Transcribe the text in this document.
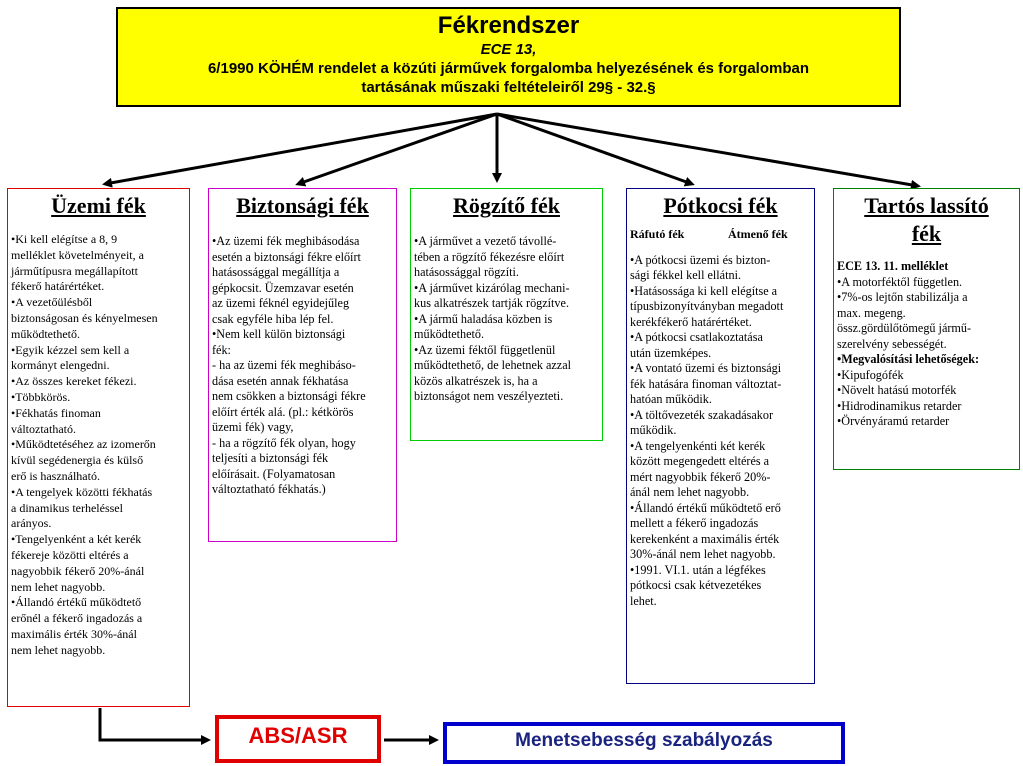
Fékrendszer
ECE 13,
6/1990 KÖHÉM rendelet a közúti járművek forgalomba helyezésének és forgalomban
tartásának műszaki feltételeiről 29§ - 32.§
Üzemi fék
•Ki kell elégítse a 8, 9
melléklet követelményeit, a
járműtípusra megállapított
fékerő határértéket.
•A vezetőülésből
biztonságosan és kényelmesen
működtethető.
•Egyik kézzel sem kell a
kormányt elengedni.
•Az összes kereket fékezi.
•Többkörös.
•Fékhatás finoman
változtatható.
•Működtetéséhez az izomerőn
kívül segédenergia és külső
erő is használható.
•A tengelyek közötti fékhatás
a dinamikus terheléssel
arányos.
•Tengelyenként a két kerék
fékereje közötti eltérés a
nagyobbik fékerő 20%-ánál
nem lehet nagyobb.
•Állandó értékű működtető
erőnél a fékerő ingadozás a
maximális érték 30%-ánál
nem lehet nagyobb.
Biztonsági fék
•Az üzemi fék meghibásodása
esetén a biztonsági fékre előírt
hatásossággal megállítja a
gépkocsit. Üzemzavar esetén
az üzemi féknél egyidejűleg
csak egyféle hiba lép fel.
•Nem kell külön biztonsági
fék:
- ha az üzemi fék meghibáso-
dása esetén annak fékhatása
nem csökken a biztonsági fékre
előírt érték alá. (pl.: kétkörös
üzemi fék) vagy,
- ha a rögzítő fék olyan, hogy
teljesíti a biztonsági fék
előírásait. (Folyamatosan
változtatható fékhatás.)
Rögzítő fék
•A járművet a vezető távollé-
tében a rögzítő fékezésre előírt
hatásossággal rögzíti.
•A járművet kizárólag mechani-
kus alkatrészek tartják rögzítve.
•A jármű haladása közben is
működtethető.
•Az üzemi féktől függetlenül
működtethető, de lehetnek azzal
közös alkatrészek is, ha a
biztonságot nem veszélyezteti.
Pótkocsi fék
Ráfutó fék	Átmenő fék
•A pótkocsi üzemi és bizton-
sági fékkel kell ellátni.
•Hatásossága ki kell elégítse a
típusbizonyítványban megadott
kerékfékerő határértéket.
•A pótkocsi csatlakoztatása
után üzemképes.
•A vontató üzemi és biztonsági
fék hatására finoman változtat-
hatóan működik.
•A töltővezeték szakadásakor
működik.
•A tengelyenkénti két kerék
között megengedett eltérés a
mért nagyobbik fékerő 20%-
ánál nem lehet nagyobb.
•Állandó értékű működtető erő
mellett a fékerő ingadozás
kerekenként a maximális érték
30%-ánál nem lehet nagyobb.
•1991. VI.1. után a légfékes
pótkocsi csak kétvezetékes
lehet.
Tartós lassító
fék
ECE 13. 11. melléklet
•A motorféktől független.
•7%-os lejtőn stabilizálja a
max. megeng.
össz.gördülőtömegű jármű-
szerelvény sebességét.
•Megvalósítási lehetőségek:
•Kipufogófék
•Növelt hatású motorfék
•Hidrodinamikus retarder
•Örvényáramú retarder
ABS/ASR	Menetsebesség szabályozás
